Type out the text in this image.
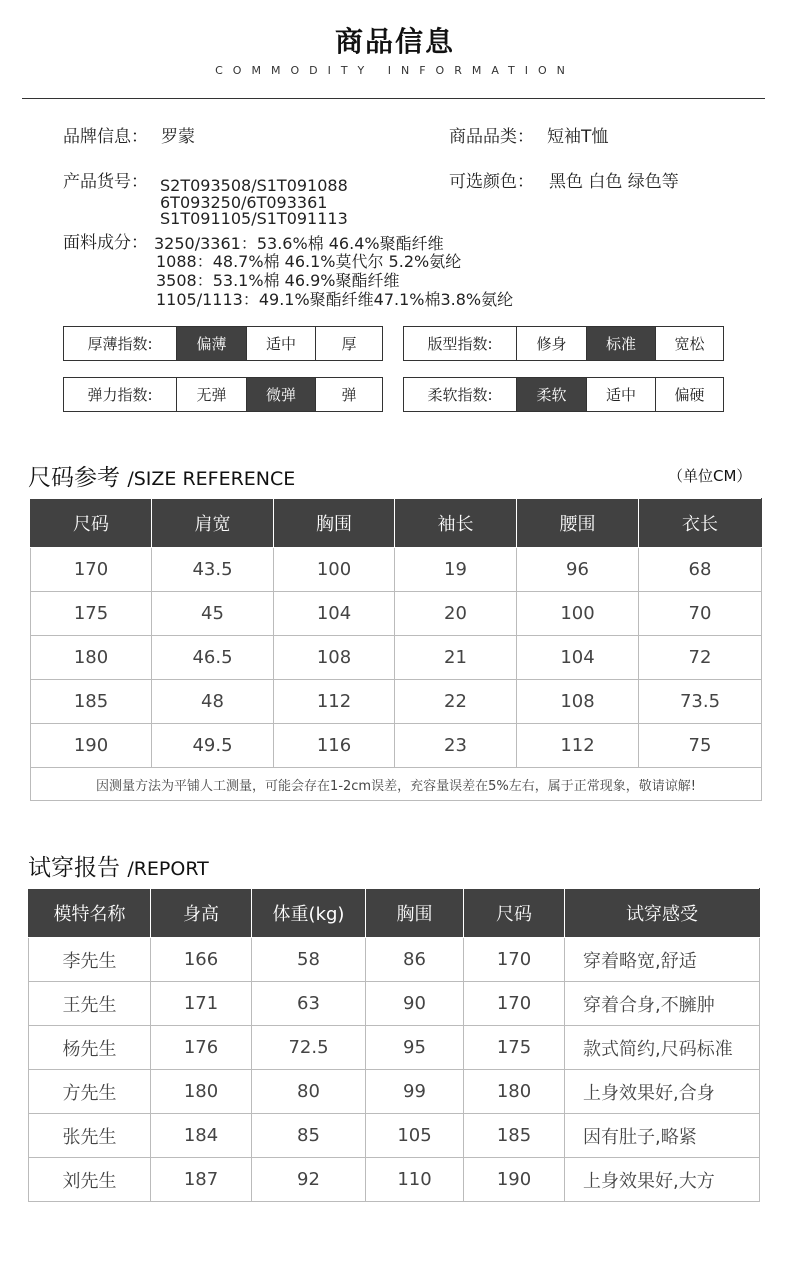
商品信息
COMMODITY INFORMATION
品牌信息： 罗蒙	商品品类： 短袖T恤
产品货号： S2T093508/S1T091088
6T093250/6T093361
S1T091105/S1T091113
可选颜色： 黑色 白色 绿色等
面料成分： 3250/3361：53.6%棉 46.4%聚酯纤维
1088：48.7%棉 46.1%莫代尔 5.2%氨纶
3508：53.1%棉 46.9%聚酯纤维
1105/1113：49.1%聚酯纤维47.1%棉3.8%氨纶
厚薄指数:	偏薄	适中	厚	版型指数:	修身	标准	宽松
弹力指数:	无弹	微弹	弹	柔软指数:	柔软	适中	偏硬
尺码参考 /SIZE REFERENCE	（单位CM）
尺码	肩宽	胸围	袖长	腰围	衣长
170	43.5	100	19	96	68
175	45	104	20	100	70
180	46.5	108	21	104	72
185	48	112	22	108	73.5
190	49.5	116	23	112	75
因测量方法为平铺人工测量，可能会存在1-2cm误差，充容量误差在5%左右，属于正常现象，敬请谅解!					
试穿报告 /REPORT
模特名称	身高	体重(kg)	胸围	尺码	试穿感受
李先生	166	58	86	170	穿着略宽,舒适
王先生	171	63	90	170	穿着合身,不臃肿
杨先生	176	72.5	95	175	款式简约,尺码标准
方先生	180	80	99	180	上身效果好,合身
张先生	184	85	105	185	因有肚子,略紧
刘先生	187	92	110	190	上身效果好,大方
